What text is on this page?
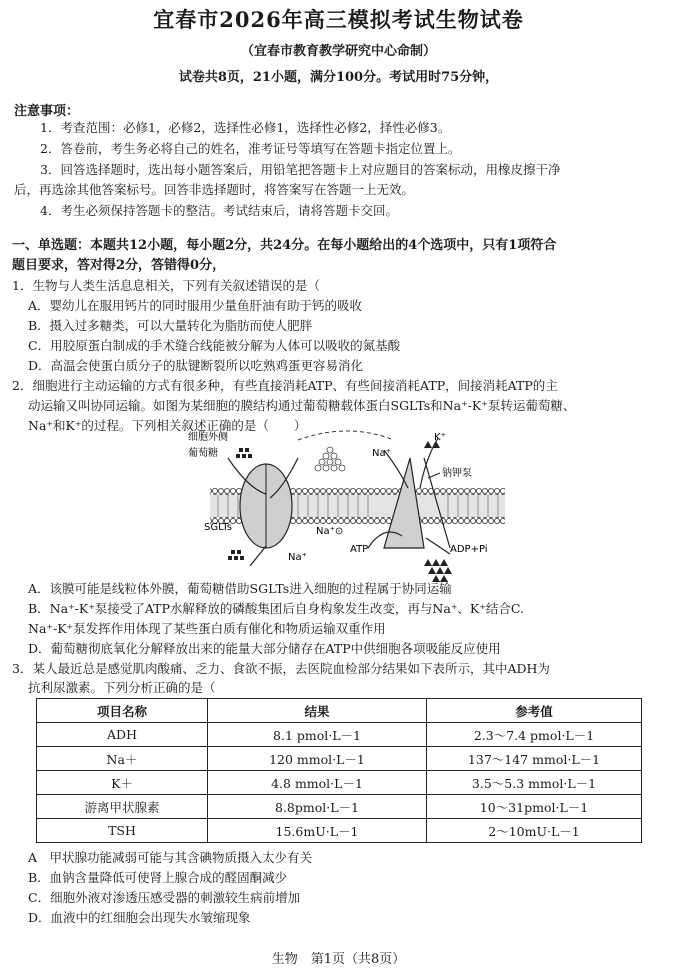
宜春市2026年高三模拟考试生物试卷
（宜春市教育教学研究中心命制）
试卷共8页，21小题，满分100分。考试用时75分钟，
注意事项：
1．考查范围：必修1，必修2，选择性必修1，选择性必修2，择性必修3。
2．答卷前，考生务必将自己的姓名，准考证号等填写在答题卡指定位置上。
3．回答选择题时，选出每小题答案后，用铅笔把答题卡上对应题目的答案标动，用橡皮擦干净
后，再选涂其他答案标号。回答非选择题时，将答案写在答题一上无效。
4．考生必须保持答题卡的整洁。考试结束后，请将答题卡交回。
一、单选题：本题共12小题，每小题2分，共24分。在每小题给出的4个选项中，只有1项符合
题目要求，答对得2分，答错得0分，
1．生物与人类生活息息相关，下列有关叙述错误的是（
A．婴幼儿在服用钙片的同时服用少量鱼肝油有助于钙的吸收
B．摄入过多糖类，可以大量转化为脂肪而使人肥胖
C．用胶原蛋白制成的手术缝合线能被分解为人体可以吸收的氮基酸
D．高温会使蛋白质分子的肽键断裂所以吃熟鸡蛋更容易消化
2．细胞进行主动运输的方式有很多种，有些直接消耗ATP、有些间接消耗ATP，间接消耗ATP的主
动运输又叫协同运输。如图为某细胞的膜结构通过葡萄糖载体蛋白SGLTs和Na⁺-K⁺泵转运葡萄糖、
Na⁺和K⁺的过程。下列相关叙述正确的是（　　）
细胞外侧
葡萄糖
SGLTs
Na⁺
K⁺
钠钾泵
Na⁺⊙
ATP
Na⁺
ADP+Pi
A．该膜可能是线粒体外膜，葡萄糖借助SGLTs进入细胞的过程属于协同运输
B．Na⁺-K⁺泵接受了ATP水解释放的磷酸集团后自身构象发生改变，再与Na⁺、K⁺结合C.
Na⁺-K⁺泵发挥作用体现了某些蛋白质有催化和物质运输双重作用
D．葡萄糖彻底氧化分解释放出来的能量大部分储存在ATP中供细胞各项吸能反应使用
3．某人最近总是感觉肌肉酸痛、乏力、食欲不振，去医院血检部分结果如下表所示，其中ADH为
抗利尿激素。下列分析正确的是（
项目名称	结果	参考值
ADH	8.1 pmol·L－1	2.3～7.4 pmol·L－1
Na＋	120 mmol·L－1	137～147 mmol·L－1
K＋	4.8 mmol·L－1	3.5～5.3 mmol·L－1
游离甲状腺素	8.8pmol·L－1	10～31pmol·L－1
TSH	15.6mU·L－1	2～10mU·L－1
A　甲状腺功能减弱可能与其含碘物质摄入太少有关
B．血钠含量降低可使肾上腺合成的醛固酮减少
C．细胞外液对渗透压感受器的刺激较生病前增加
D．血液中的红细胞会出现失水皱缩现象
生物　第1页（共8页）
